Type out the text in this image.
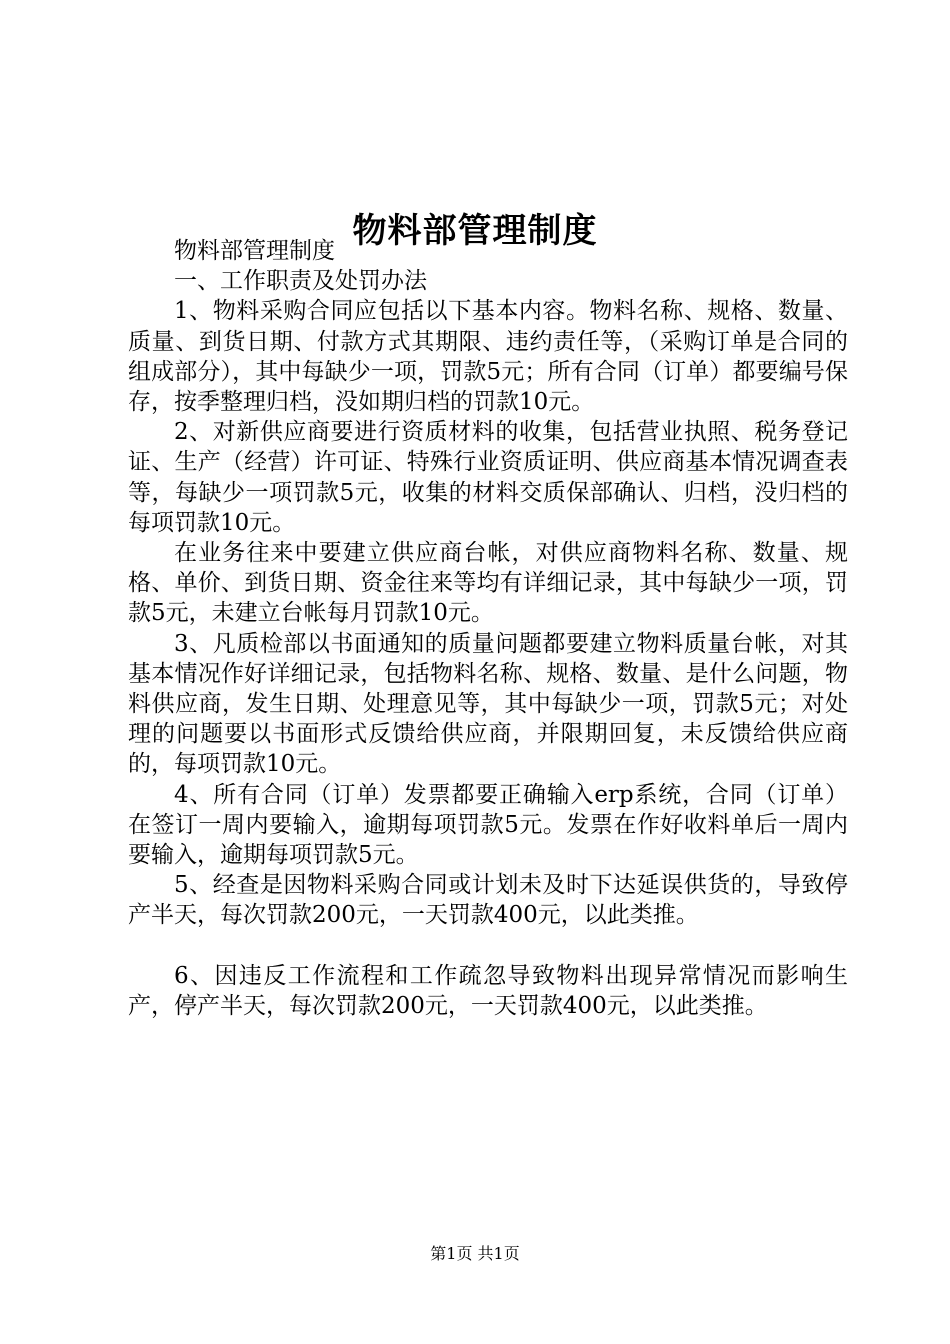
物料部管理制度

物料部管理制度

一、工作职责及处罚办法

1、物料采购合同应包括以下基本内容。物料名称、规格、数量、质量、到货日期、付款方式其期限、违约责任等，（采购订单是合同的组成部分），其中每缺少一项，罚款5元；所有合同（订单）都要编号保存，按季整理归档，没如期归档的罚款10元。

2、对新供应商要进行资质材料的收集，包括营业执照、税务登记证、生产（经营）许可证、特殊行业资质证明、供应商基本情况调查表等，每缺少一项罚款5元，收集的材料交质保部确认、归档，没归档的每项罚款10元。

在业务往来中要建立供应商台帐，对供应商物料名称、数量、规格、单价、到货日期、资金往来等均有详细记录，其中每缺少一项，罚款5元，未建立台帐每月罚款10元。

3、凡质检部以书面通知的质量问题都要建立物料质量台帐，对其基本情况作好详细记录，包括物料名称、规格、数量、是什么问题，物料供应商，发生日期、处理意见等，其中每缺少一项，罚款5元；对处理的问题要以书面形式反馈给供应商，并限期回复，未反馈给供应商的，每项罚款10元。

4、所有合同（订单）发票都要正确输入erp系统，合同（订单）在签订一周内要输入，逾期每项罚款5元。发票在作好收料单后一周内要输入，逾期每项罚款5元。

5、经查是因物料采购合同或计划未及时下达延误供货的，导致停产半天，每次罚款200元，一天罚款400元，以此类推。

6、因违反工作流程和工作疏忽导致物料出现异常情况而影响生产，停产半天，每次罚款200元，一天罚款400元，以此类推。

第1页 共1页
